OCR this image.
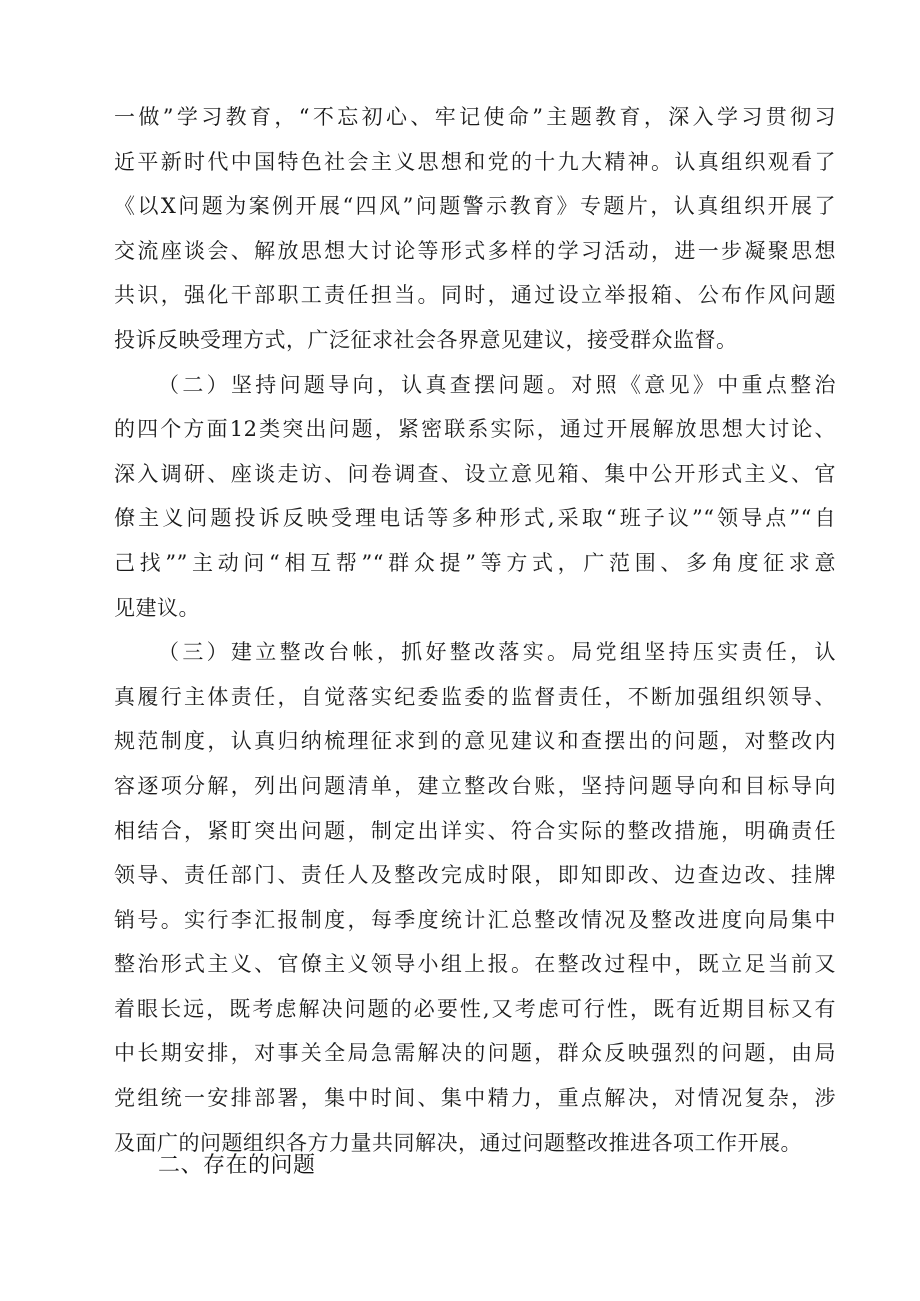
一做”学习教育，“不忘初心、牢记使命”主题教育，深入学习贯彻习
近平新时代中国特色社会主义思想和党的十九大精神。认真组织观看了
《以X问题为案例开展“四风”问题警示教育》专题片，认真组织开展了
交流座谈会、解放思想大讨论等形式多样的学习活动，进一步凝聚思想
共识，强化干部职工责任担当。同时，通过设立举报箱、公布作风问题
投诉反映受理方式，广泛征求社会各界意见建议，接受群众监督。
（二）坚持问题导向，认真查摆问题。对照《意见》中重点整治
的四个方面12类突出问题，紧密联系实际，通过开展解放思想大讨论、
深入调研、座谈走访、问卷调查、设立意见箱、集中公开形式主义、官
僚主义问题投诉反映受理电话等多种形式,采取“班子议”“领导点”“自
己找””主动问“相互帮”“群众提”等方式，广范围、多角度征求意
见建议。
（三）建立整改台帐，抓好整改落实。局党组坚持压实责任，认
真履行主体责任，自觉落实纪委监委的监督责任，不断加强组织领导、
规范制度，认真归纳梳理征求到的意见建议和查摆出的问题，对整改内
容逐项分解，列出问题清单，建立整改台账，坚持问题导向和目标导向
相结合，紧盯突出问题，制定出详实、符合实际的整改措施，明确责任
领导、责任部门、责任人及整改完成时限，即知即改、边查边改、挂牌
销号。实行李汇报制度，每季度统计汇总整改情况及整改进度向局集中
整治形式主义、官僚主义领导小组上报。在整改过程中，既立足当前又
着眼长远，既考虑解决问题的必要性,又考虑可行性，既有近期目标又有
中长期安排，对事关全局急需解决的问题，群众反映强烈的问题，由局
党组统一安排部署，集中时间、集中精力，重点解决，对情况复杂，涉
及面广的问题组织各方力量共同解决，通过问题整改推进各项工作开展。
二、存在的问题
